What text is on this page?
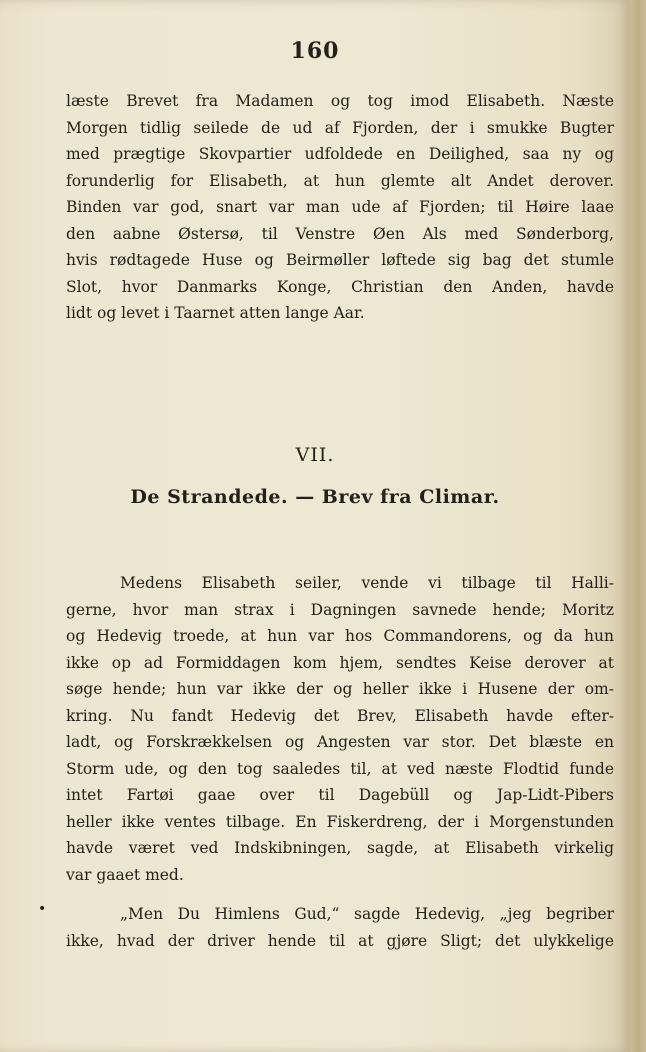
160
læste Brevet fra Madamen og tog imod Elisabeth. Næste
Morgen tidlig seilede de ud af Fjorden, der i smukke Bugter
med prægtige Skovpartier udfoldede en Deilighed, saa ny og
forunderlig for Elisabeth, at hun glemte alt Andet derover.
Binden var god, snart var man ude af Fjorden; til Høire laae
den aabne Østersø, til Venstre Øen Als med Sønderborg,
hvis rødtagede Huse og Beirmøller løftede sig bag det stumle
Slot, hvor Danmarks Konge, Christian den Anden, havde
lidt og levet i Taarnet atten lange Aar.
VII.
De Strandede. — Brev fra Climar.
Medens Elisabeth seiler, vende vi tilbage til Halli-
gerne, hvor man strax i Dagningen savnede hende; Moritz
og Hedevig troede, at hun var hos Commandorens, og da hun
ikke op ad Formiddagen kom hjem, sendtes Keise derover at
søge hende; hun var ikke der og heller ikke i Husene der om-
kring. Nu fandt Hedevig det Brev, Elisabeth havde efter-
ladt, og Forskrækkelsen og Angesten var stor. Det blæste en
Storm ude, og den tog saaledes til, at ved næste Flodtid funde
intet Fartøi gaae over til Dagebüll og Jap-Lidt-Pibers
heller ikke ventes tilbage. En Fiskerdreng, der i Morgenstunden
havde været ved Indskibningen, sagde, at Elisabeth virkelig
var gaaet med.
•	„Men Du Himlens Gud,“ sagde Hedevig, „jeg begriber
ikke, hvad der driver hende til at gjøre Sligt; det ulykkelige
